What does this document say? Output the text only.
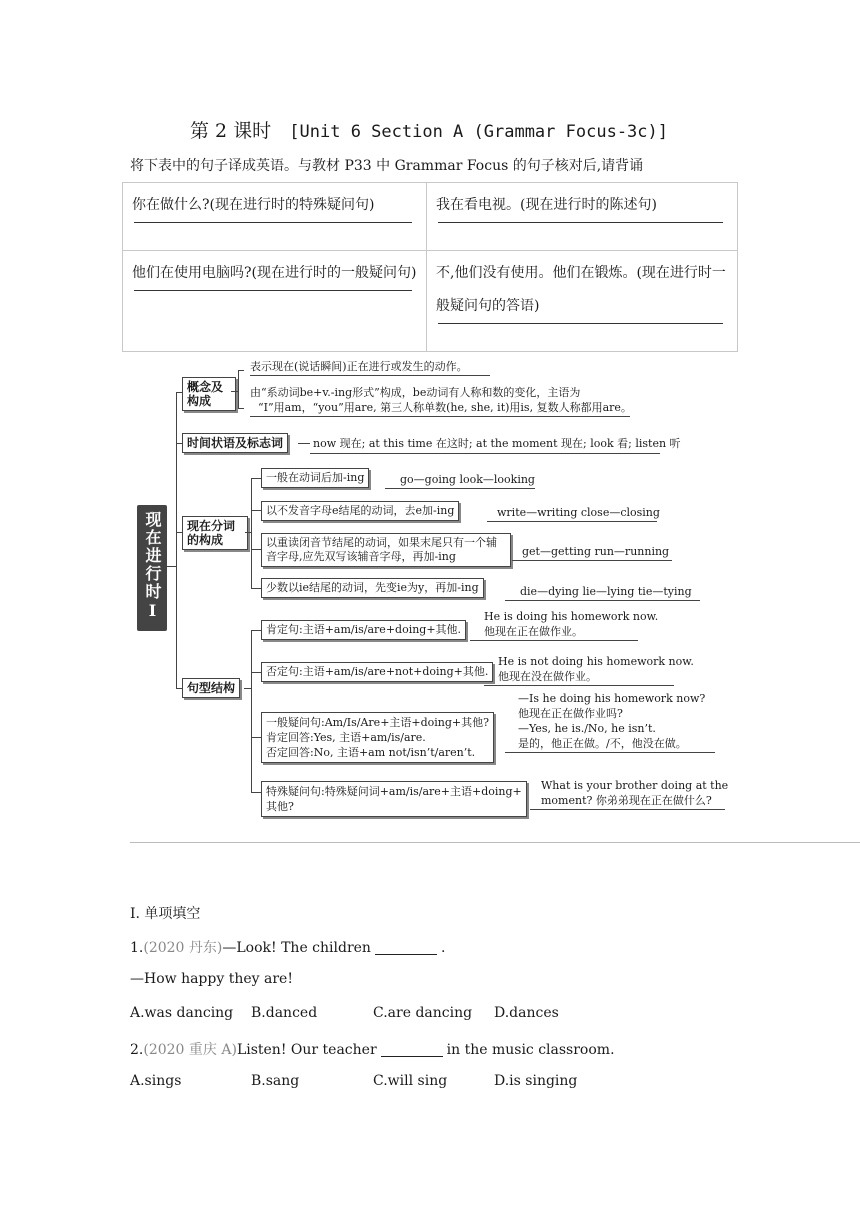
第 2 课时 [Unit 6 Section A (Grammar Focus-3c)]
将下表中的句子译成英语。与教材 P33 中 Grammar Focus 的句子核对后,请背诵
你在做什么?(现在进行时的特殊疑问句)	我在看电视。(现在进行时的陈述句)

他们在使用电脑吗?(现在进行时的一般疑问句)	不,他们没有使用。他们在锻炼。(现在进行时一般疑问句的答语)
现在进行时Ⅰ
概念及构成
表示现在(说话瞬间)正在进行或发生的动作。
由“系动词be+v.-ing形式”构成，be动词有人称和数的变化，主语为
“I”用am，“you”用are, 第三人称单数(he, she, it)用is, 复数人称都用are。
时间状语及标志词	now 现在; at this time 在这时; at the moment 现在; look 看; listen 听
现在分词的构成
一般在动词后加-ing	go—going look—looking
以不发音字母e结尾的动词，去e加-ing	write—writing close—closing
以重读闭音节结尾的动词，如果末尾只有一个辅音字母,应先双写该辅音字母，再加-ing	get—getting run—running
少数以ie结尾的动词，先变ie为y，再加-ing	die—dying lie—lying tie—tying
句型结构
肯定句:主语+am/is/are+doing+其他.
He is doing his homework now.
他现在正在做作业。
否定句:主语+am/is/are+not+doing+其他.
He is not doing his homework now.
他现在没在做作业。
一般疑问句:Am/Is/Are+主语+doing+其他?
肯定回答:Yes, 主语+am/is/are.
否定回答:No, 主语+am not/isn’t/aren’t.
—Is he doing his homework now?
他现在正在做作业吗?
—Yes, he is./No, he isn’t.
是的，他正在做。/不，他没在做。
特殊疑问句:特殊疑问词+am/is/are+主语+doing+
其他?
What is your brother doing at the
moment? 你弟弟现在正在做什么?
Ⅰ. 单项填空
1.(2020 丹东)—Look! The children	.
—How happy they are!
A.was dancing B.danced	C.are dancing D.dances
2.(2020 重庆 A)Listen! Our teacher	in the music classroom.
A.sings	B.sang	C.will sing	D.is singing
